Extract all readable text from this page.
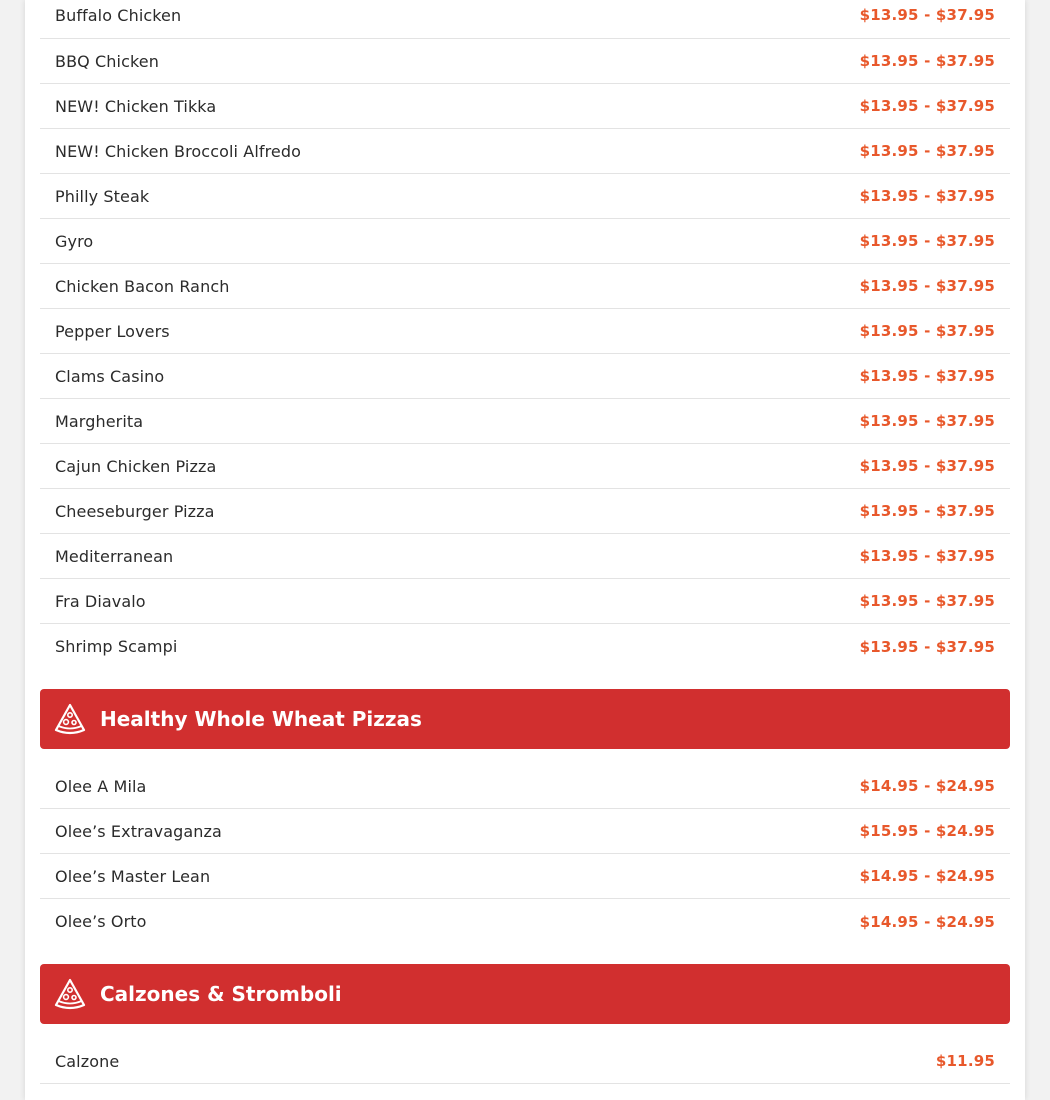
Buffalo Chicken	$13.95 - $37.95
BBQ Chicken	$13.95 - $37.95
NEW! Chicken Tikka	$13.95 - $37.95
NEW! Chicken Broccoli Alfredo	$13.95 - $37.95
Philly Steak	$13.95 - $37.95
Gyro	$13.95 - $37.95
Chicken Bacon Ranch	$13.95 - $37.95
Pepper Lovers	$13.95 - $37.95
Clams Casino	$13.95 - $37.95
Margherita	$13.95 - $37.95
Cajun Chicken Pizza	$13.95 - $37.95
Cheeseburger Pizza	$13.95 - $37.95
Mediterranean	$13.95 - $37.95
Fra Diavalo	$13.95 - $37.95
Shrimp Scampi	$13.95 - $37.95
Healthy Whole Wheat Pizzas
Olee A Mila	$14.95 - $24.95
Olee’s Extravaganza	$15.95 - $24.95
Olee’s Master Lean	$14.95 - $24.95
Olee’s Orto	$14.95 - $24.95
Calzones & Stromboli
Calzone	$11.95
